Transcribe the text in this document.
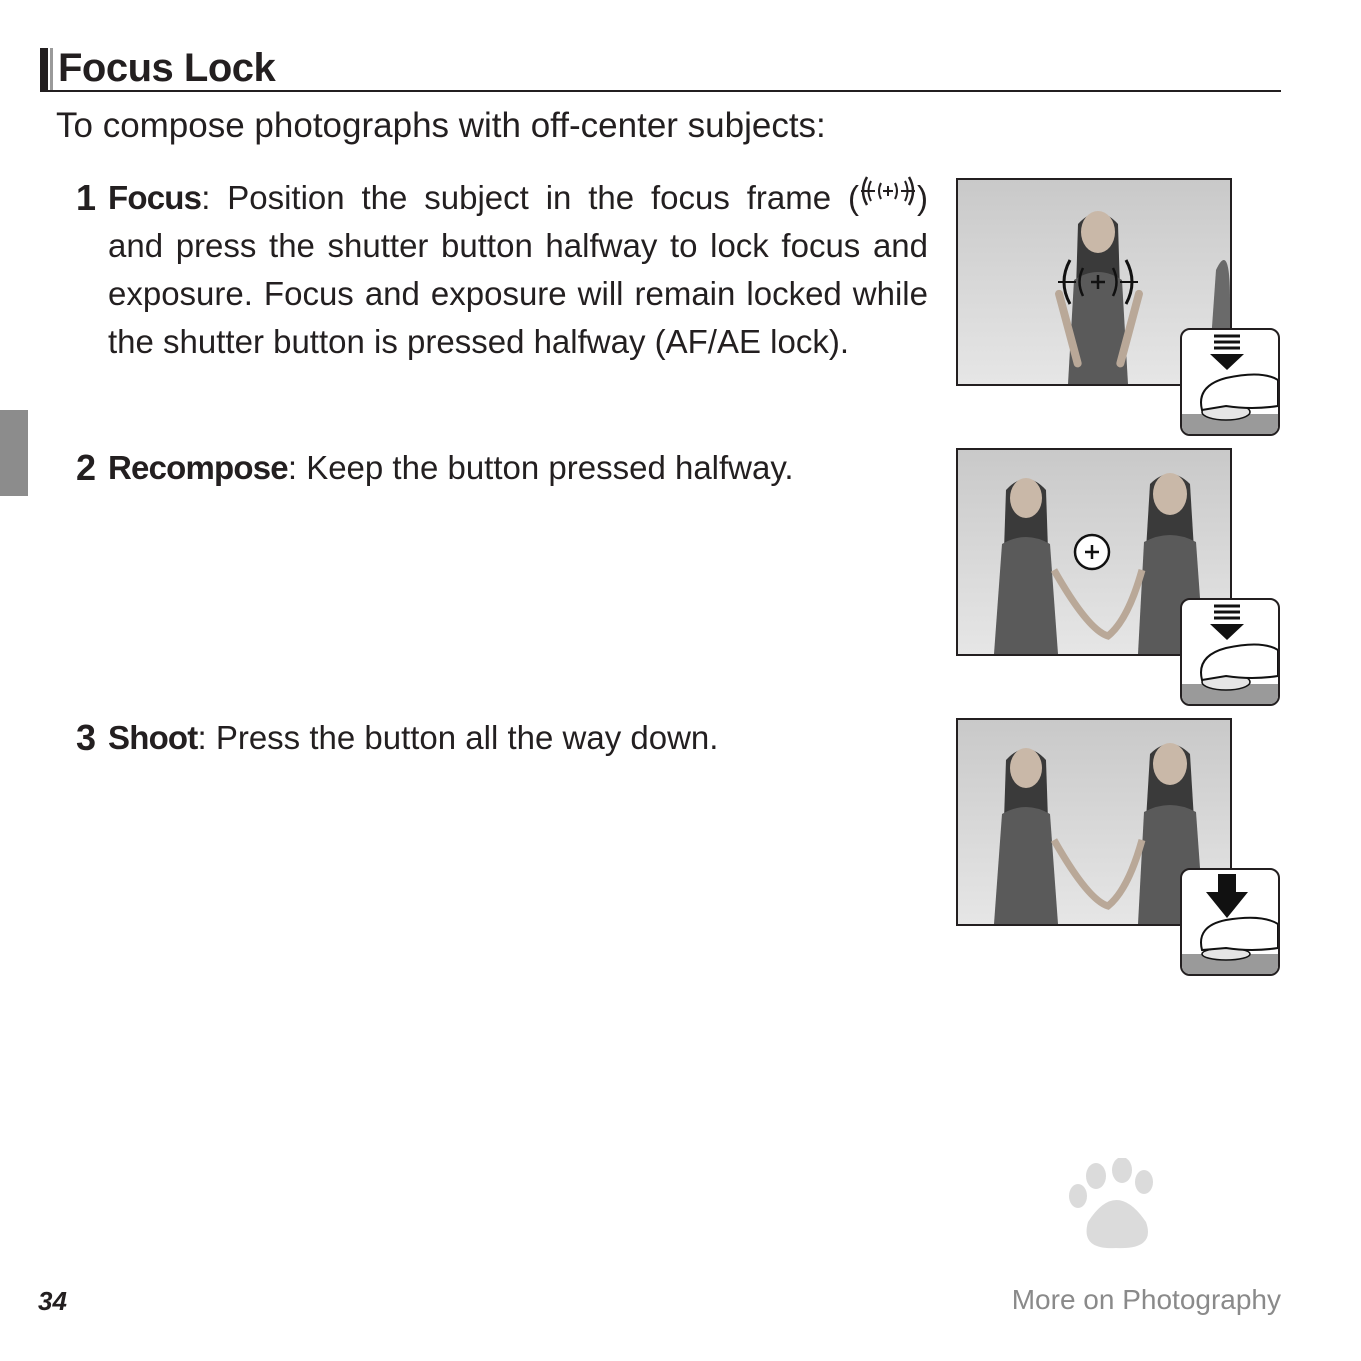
Focus Lock
To compose photographs with off-center subjects:
1 Focus: Position the subject in the focus frame ( ) and press the shutter button halfway to lock focus and exposure. Focus and exposure will remain locked while the shutter button is pressed halfway (AF/AE lock).
2 Recompose: Keep the button pressed halfway.
3 Shoot: Press the button all the way down.
34	More on Photography
